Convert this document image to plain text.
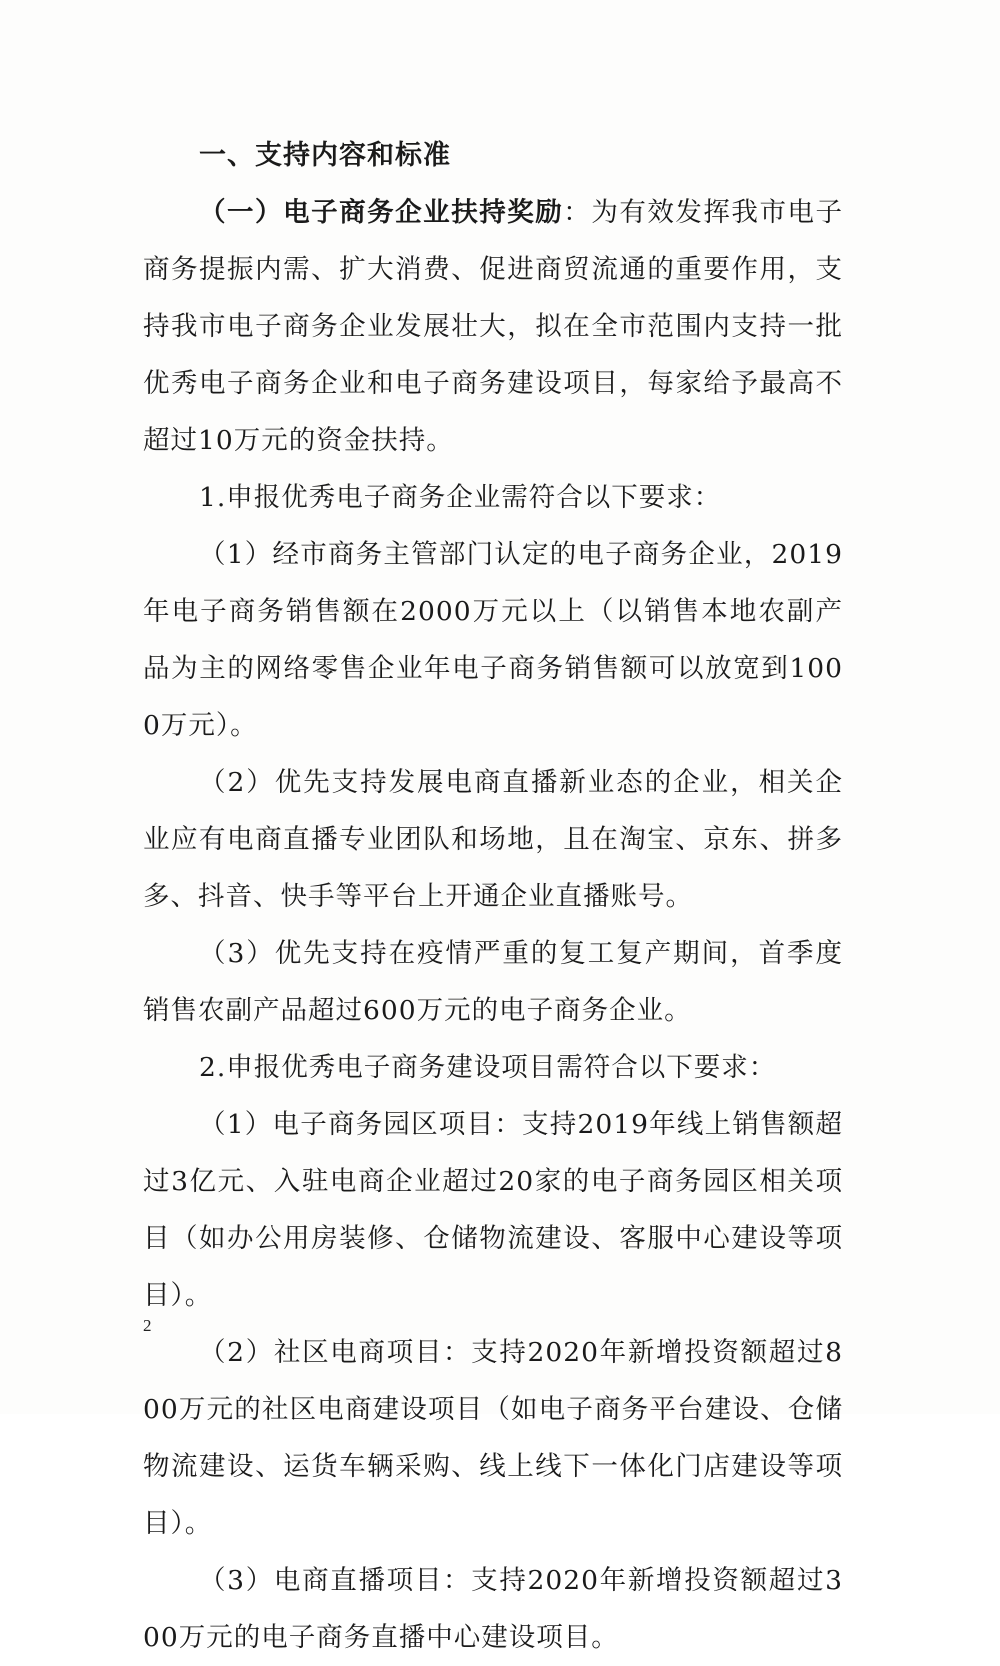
一、支持内容和标准

（一）电子商务企业扶持奖励：为有效发挥我市电子商务提振内需、扩大消费、促进商贸流通的重要作用，支持我市电子商务企业发展壮大，拟在全市范围内支持一批优秀电子商务企业和电子商务建设项目，每家给予最高不超过10万元的资金扶持。

1.申报优秀电子商务企业需符合以下要求：

（1）经市商务主管部门认定的电子商务企业，2019年电子商务销售额在2000万元以上（以销售本地农副产品为主的网络零售企业年电子商务销售额可以放宽到1000万元）。

（2）优先支持发展电商直播新业态的企业，相关企业应有电商直播专业团队和场地，且在淘宝、京东、拼多多、抖音、快手等平台上开通企业直播账号。

（3）优先支持在疫情严重的复工复产期间，首季度销售农副产品超过600万元的电子商务企业。

2.申报优秀电子商务建设项目需符合以下要求：

（1）电子商务园区项目：支持2019年线上销售额超过3亿元、入驻电商企业超过20家的电子商务园区相关项目（如办公用房装修、仓储物流建设、客服中心建设等项目）。

（2）社区电商项目：支持2020年新增投资额超过800万元的社区电商建设项目（如电子商务平台建设、仓储物流建设、运货车辆采购、线上线下一体化门店建设等项目）。

（3）电商直播项目：支持2020年新增投资额超过300万元的电子商务直播中心建设项目。

2
